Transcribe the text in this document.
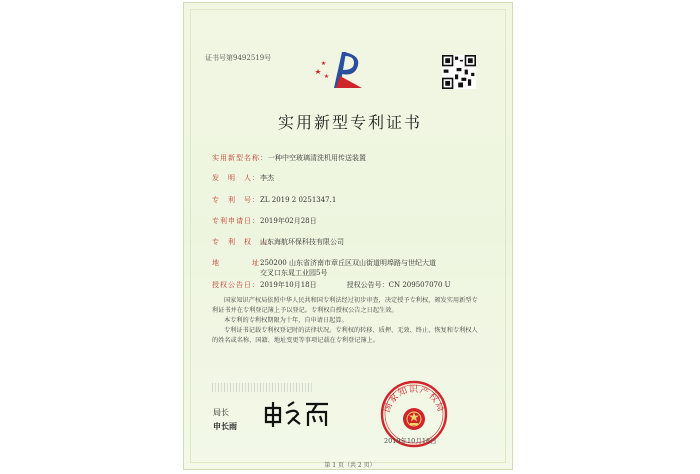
证书号第9492519号
实用新型专利证书
实用新型名称：一种中空玻璃清洗机用传送装置
发　明　人：李杰
专　利　号：ZL 2019 2 0251347.1
专利申请日：2019年02月28日
专　利　权　人：山东海航环保科技有限公司
地　　　　址：250200 山东省济南市章丘区双山街道明埠路与世纪大道
交叉口东晁工业园5号
授权公告日：2019年10月18日	授权公告号：CN 209507070 U
国家知识产权局依照中华人民共和国专利法经过初步审查，决定授予专利权，颁发实用新型专利证书并在专利登记簿上予以登记。专利权自授权公告之日起生效。
本专利的专利权期限为十年，自申请日起算。
专利证书记载专利权登记时的法律状况。专利权的转移、质押、无效、终止、恢复和专利权人的姓名或名称、国籍、地址变更等事项记载在专利登记簿上。
局长
申长雨
国家知识产权局
2019年10月18日
第 1 页（共 2 页）
